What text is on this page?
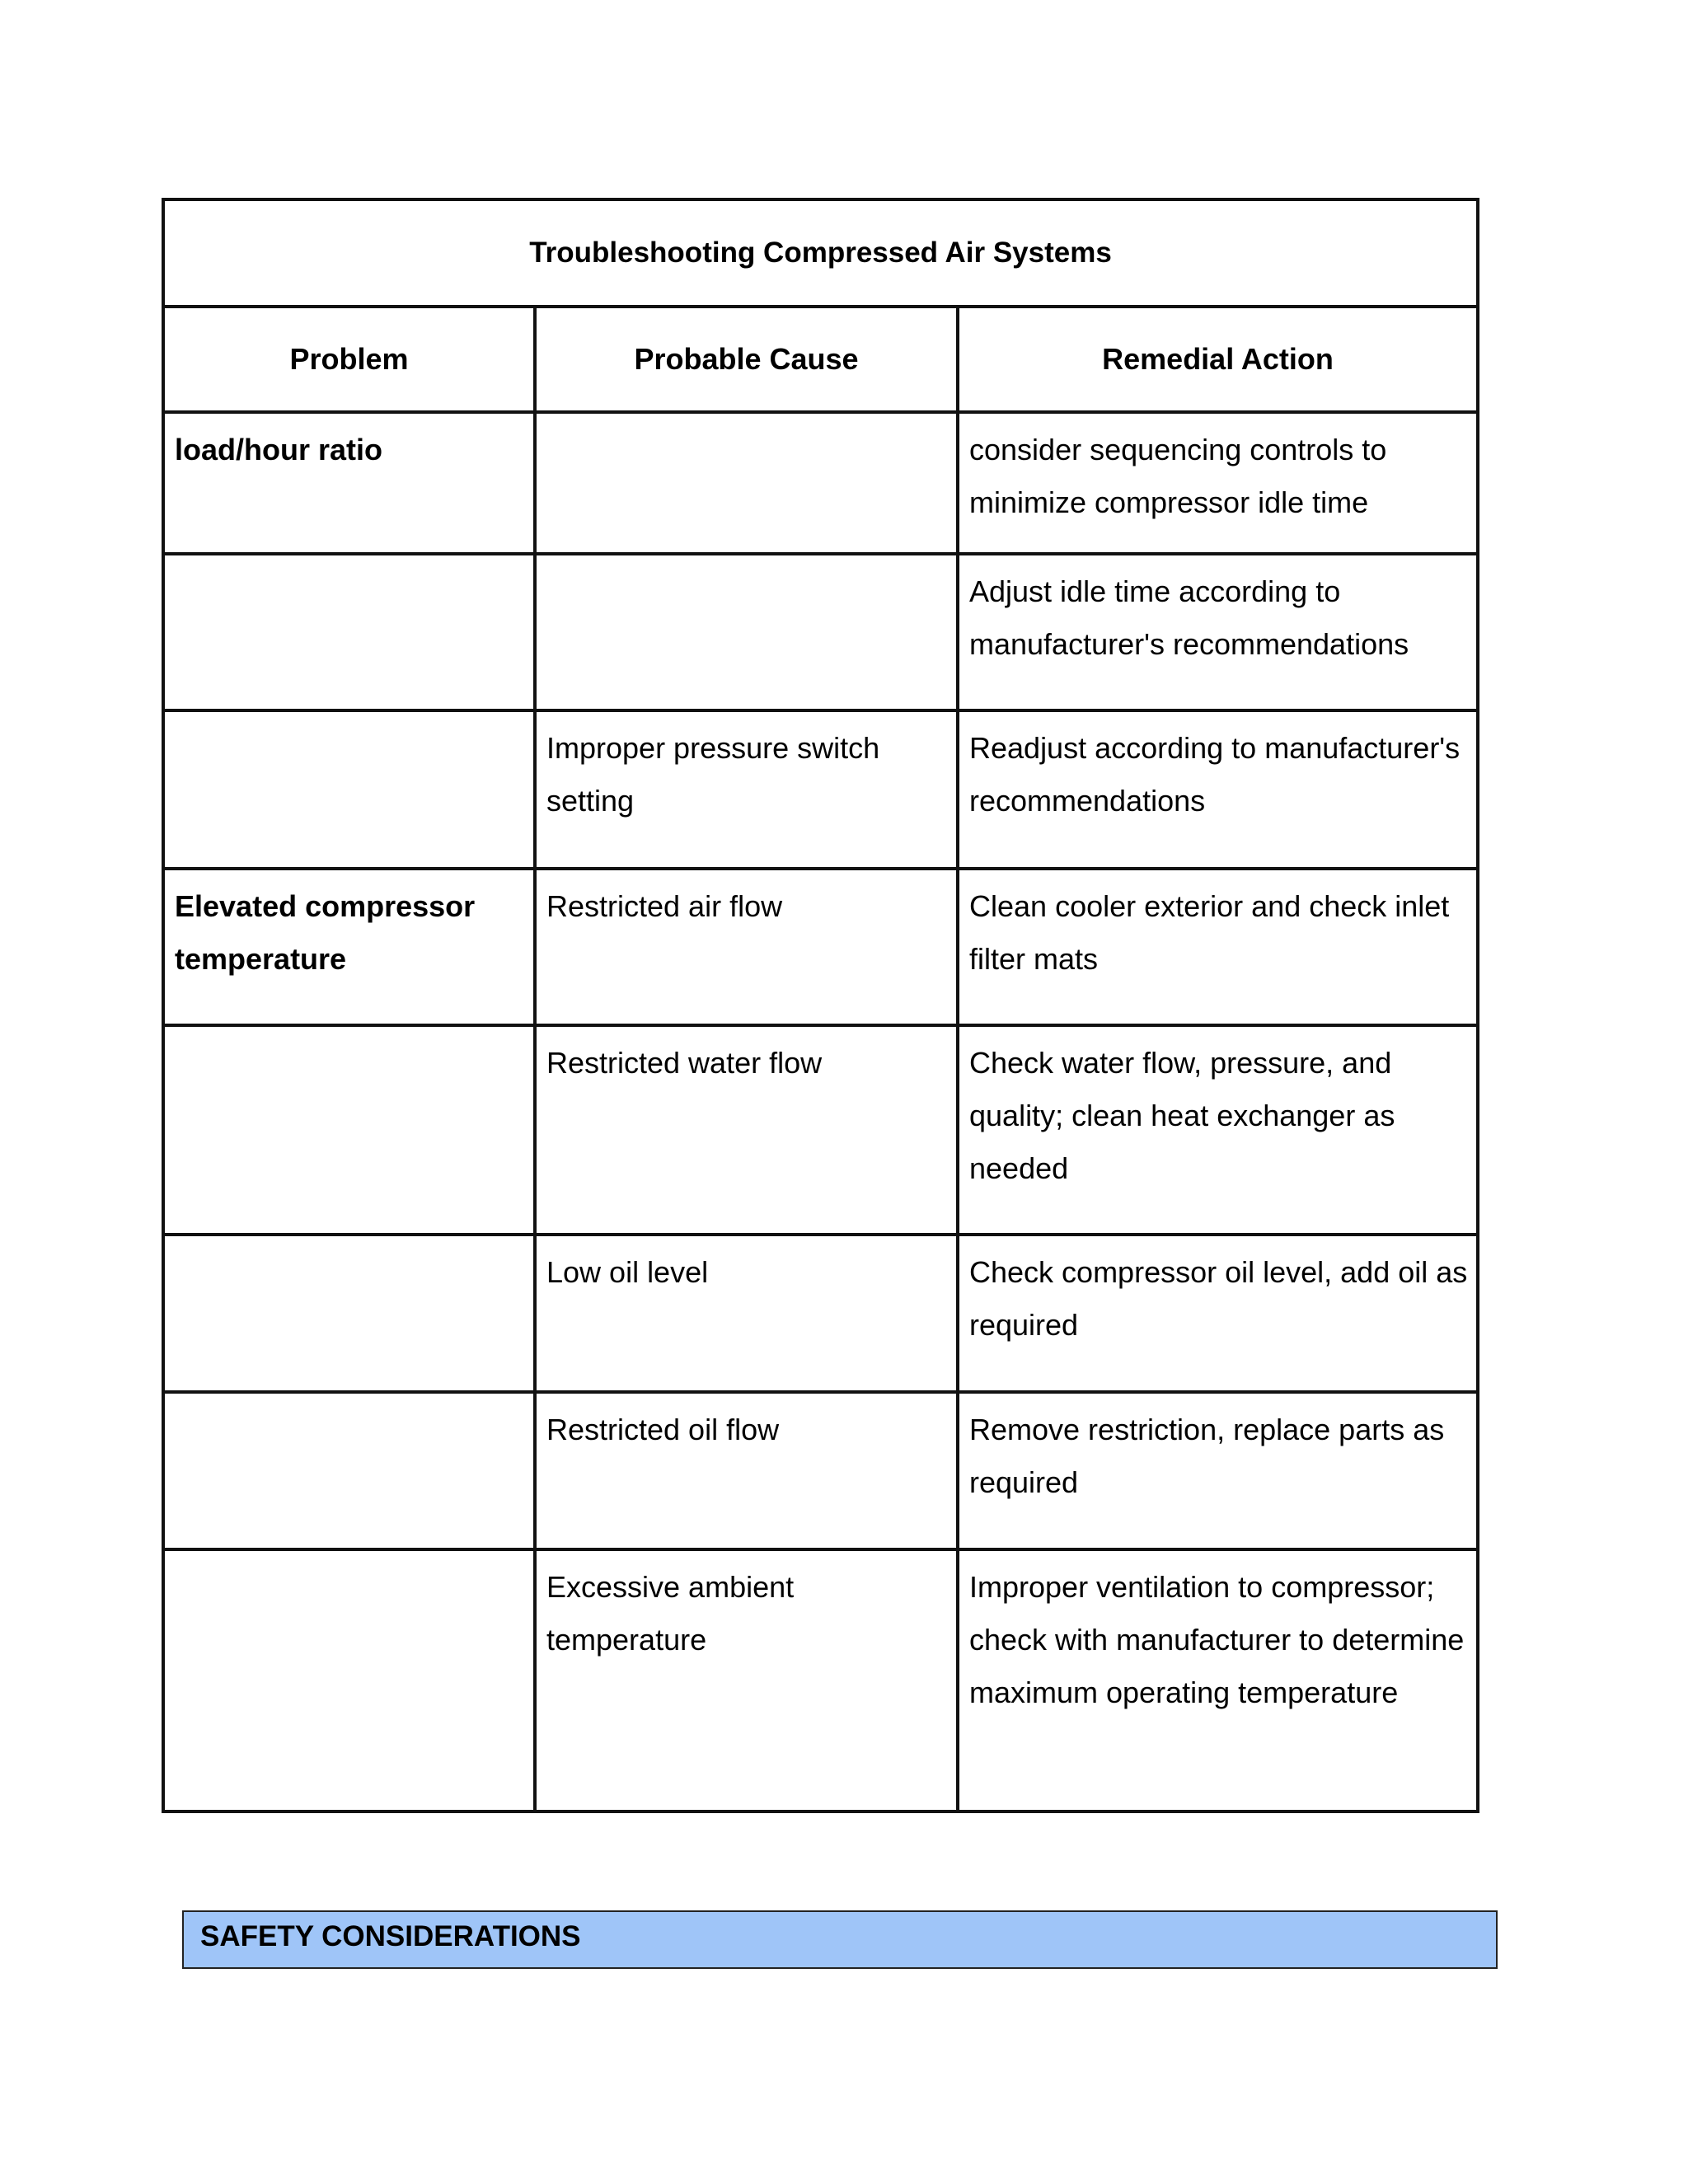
Troubleshooting Compressed Air Systems		
Problem	Probable Cause	Remedial Action
load/hour ratio		consider sequencing controls to minimize compressor idle time
		Adjust idle time according to manufacturer's recommendations
	Improper pressure switch setting	Readjust according to manufacturer's recommendations
Elevated compressor temperature	Restricted air flow	Clean cooler exterior and check inlet filter mats
	Restricted water flow	Check water flow, pressure, and quality; clean heat exchanger as needed
	Low oil level	Check compressor oil level, add oil as required
	Restricted oil flow	Remove restriction, replace parts as required
	Excessive ambient temperature	Improper ventilation to compressor; check with manufacturer to determine maximum operating temperature
SAFETY CONSIDERATIONS
